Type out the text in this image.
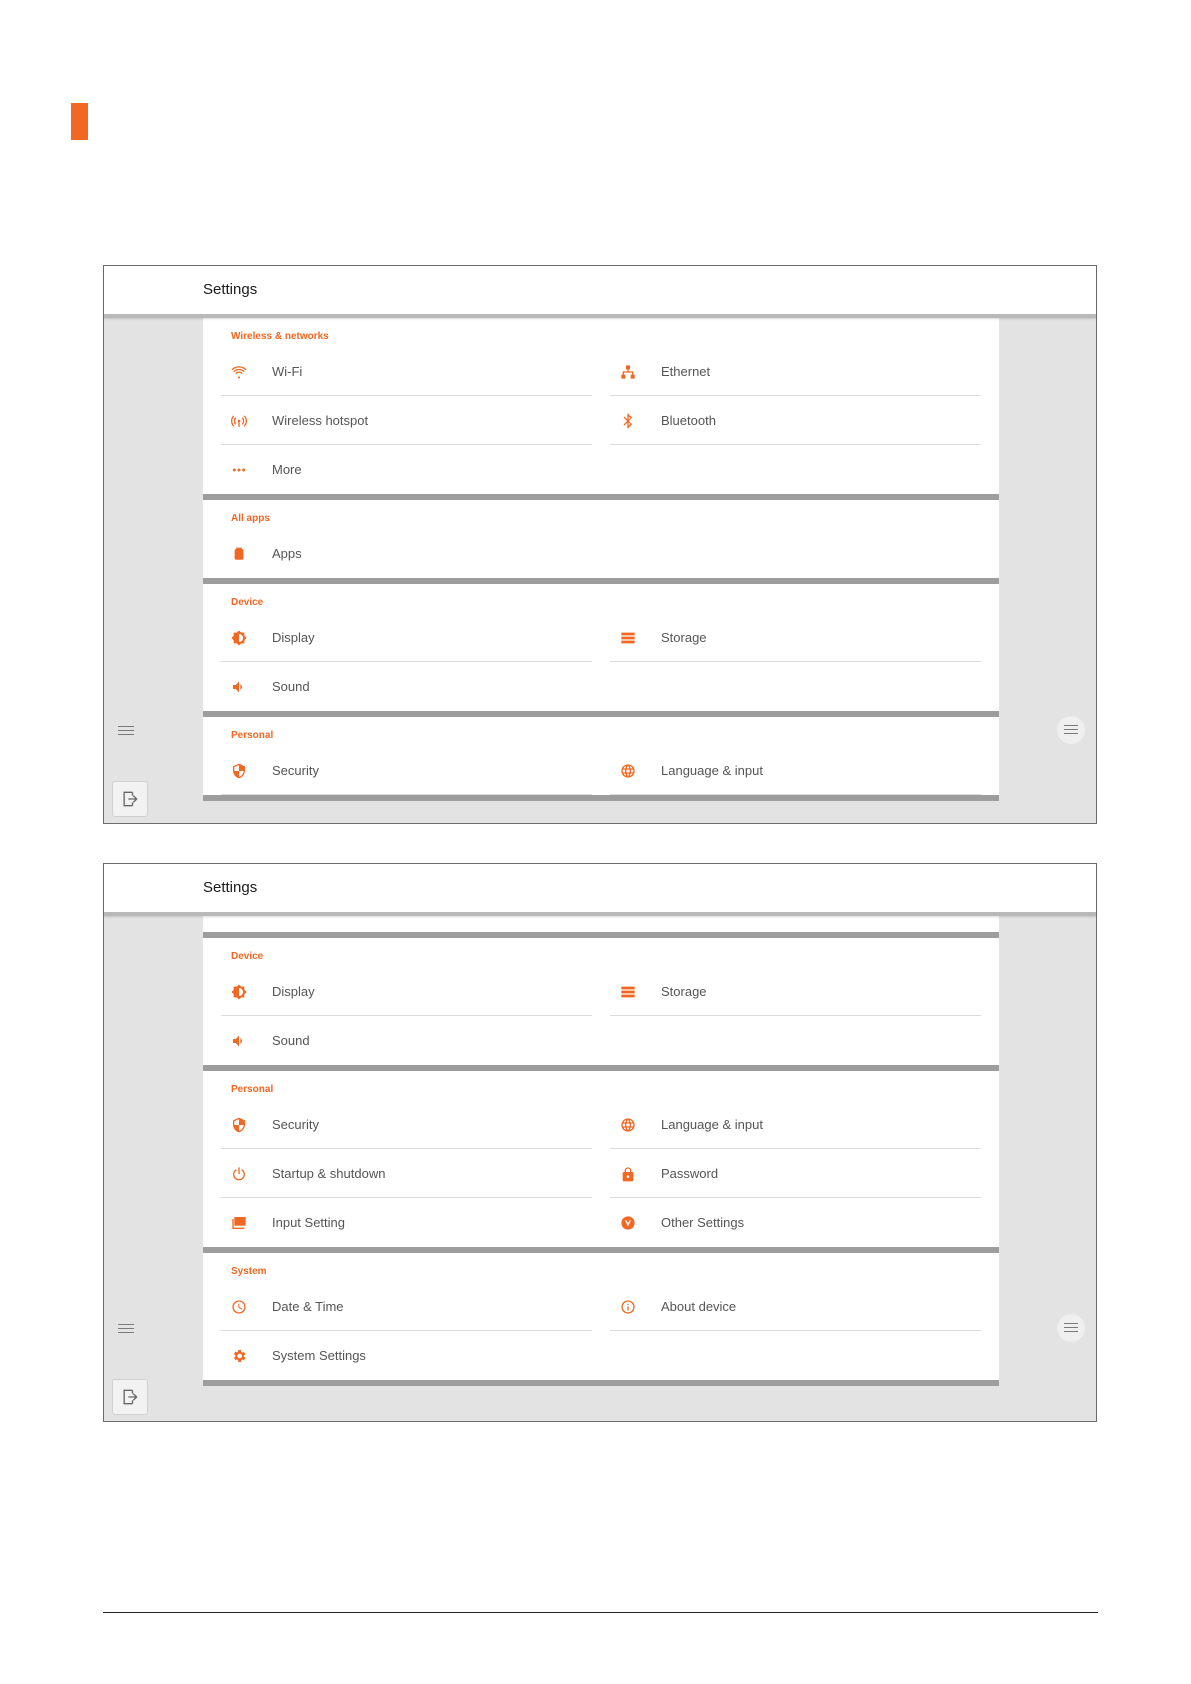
Settings
Wireless & networks
Wi-Fi	Ethernet
Wireless hotspot	Bluetooth
More
All apps
Apps
Device
Display	Storage
Sound
Personal
Security	Language & input
Settings
Device
Display	Storage
Sound
Personal
Security	Language & input
Startup & shutdown	Password
Input Setting	Other Settings
System
Date & Time	About device
System Settings
